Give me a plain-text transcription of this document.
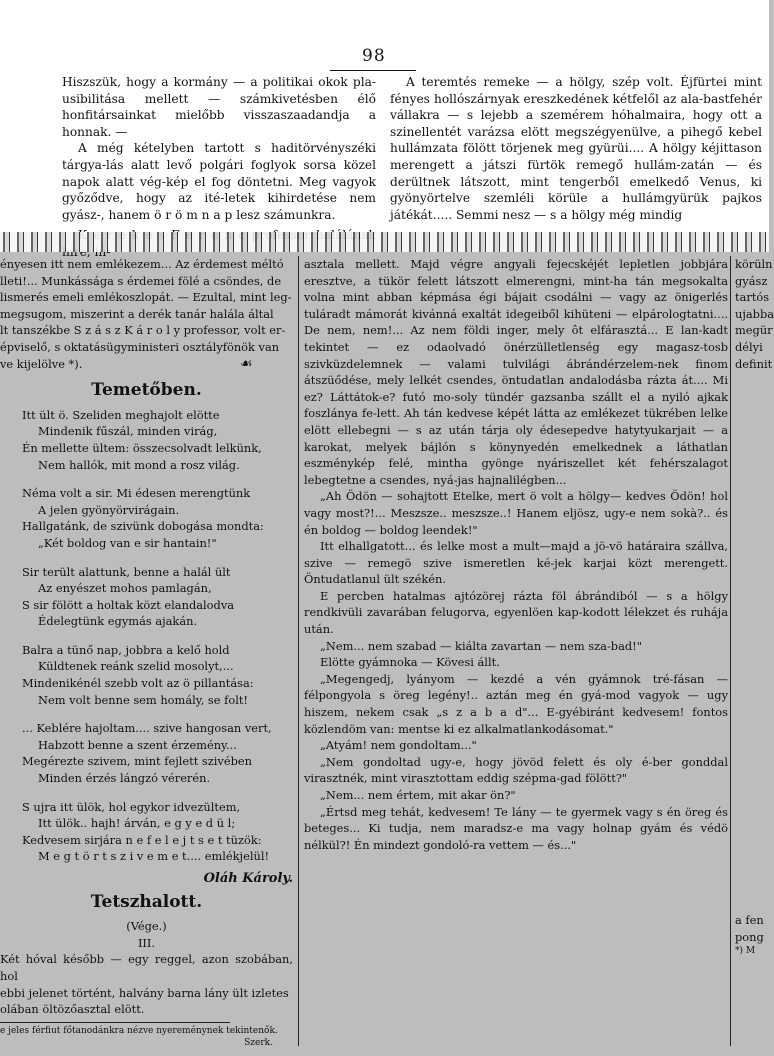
98

Hiszszük, hogy a kormány — a politikai okok pla-usibilitása mellett — számkivetésben élő honfitársainkat mielőbb visszaszaadandja a honnak. —

A még kételyben tartott s haditörvényszéki tárgya-lás alatt levő polgári foglyok sorsa közel napok alatt vég-kép el fog döntetni. Meg vagyok győződve, hogy az ité-letek kihirdetése nem gyász-, hanem ö r ö m n a p lesz számunkra.

A teremtés remeke — a hölgy, szép volt. Éjfürtei mint fényes hollószárnyak ereszkedének kétfelől az ala-bastfehér vállakra — s lejebb a szemérem hóhalmaira, hogy ott a szinellentét varázsa elött megszégyenülve, a pihegő kebel hullámzata fölött törjenek meg gyürüi.... A hölgy kéjittason merengett a játszi fürtök remegő hullám-zatán — és derültnek látszott, mint tengerből emelkedő Venus, ki gyönyörtelve szemléli körüle a hullámgyürük pajkos játékát..... Semmi nesz — s a hölgy még mindig

ényesen itt nem emlékezem... Az érdemest méltó

lleti!... Munkássága s érdemei fölé a csöndes, de

lismerés emeli emlékoszlopát. — Ezultal, mint leg-

megsugom, miszerint a derék tanár halála által

lt tanszékbe S z á s z K á r o l y professor, volt er-

épviselő, s oktatásügyministeri osztályfönök van

ve kijelölve *).

Temetőben.

Itt ült ö. Szeliden meghajolt elötte

Mindenik fűszál, minden virág,

Én mellette ültem: összecsolvadt lelkünk,

Nem hallók, mit mond a rosz világ.

Néma volt a sir. Mi édesen merengtünk

A jelen gyönyörvirágain.

Hallgatánk, de szivünk dobogása mondta:

„Két boldog van e sir hantain!"

Sir terült alattunk, benne a halál ült

Az enyészet mohos pamlagán,

S sir fölött a holtak közt elandalodva

Édelegtünk egymás ajakán.

Balra a tünő nap, jobbra a kelő hold

Küldtenek reánk szelid mosolyt,...

Mindenikénél szebb volt az ö pillantása:

Nem volt benne sem homály, se folt!

... Keblére hajoltam.... szive hangosan vert,

Habzott benne a szent érzemény...

Megérezte szivem, mint fejlett szivében

Minden érzés lángzó vérerén.

S ujra itt ülök, hol egykor idvezültem,

Itt ülök.. hajh! árván, e g y e d ü l;

Kedvesem sirjára n e f e l e j t s e t tüzök:

M e g t ö r t s z i v e m e t.... emlékjelül!

Oláh Károly.
Tetszhalott.
(Vége.)
III.

Két hóval később — egy reggel, azon szobában, hol

ebbi jelenet történt, halvány barna lány ült izletes

olában öltözőasztal elött.

e jeles férfiut főtanodánkra nézve nyereménynek tekintenők.
Szerk.
☙

asztala mellett. Majd végre angyali fejecskéjét lepletlen jobbjára eresztve, a tükör felett látszott elmerengni, mint-ha tán megsokalta volna mint abban képmása égi bájait csodálni — vagy az önigerlés tuláradt mámorát kivánná exaltát idegeiből kihüteni — elpárologtatni.... De nem, nem!... Az nem földi inger, mely ôt elfárasztá... E lan-kadt tekintet — ez odaolvadó önérzülletlenség egy magasz-tosb szivküzdelemnek — valami tulvilági ábrándérzelem-nek finom átszüődése, mely lelkét csendes, öntudatlan andalodásba rázta át.... Mi ez? Láttátok-e? futó mo-soly tündér gazsanba szállt el a nyiló ajkak foszlánya fe-lett. Ah tán kedvese képét látta az emlékezet tükrében lelke elött ellebegni — s az után tárja oly édesepedve hatytyukarjait — a karokat, melyek bájlón s könynyedén emelkednek a láthatlan eszménykép felé, mintha gyönge nyáriszellet két fehérszalagot lebegtetne a csendes, nyá-jas hajnalilégben...

„Ah Ödön — sohajtott Etelke, mert ö volt a hölgy— kedves Ödön! hol vagy most?!... Meszsze.. meszsze..! Hanem eljösz, ugy-e nem sokà?.. és én boldog — boldog leendek!"

Itt elhallgatott... és lelke most a mult—majd a jö-vö határaira szállva, szive — remegö szive ismeretlen ké-jek karjai közt merengett. Öntudatlanul ült székén.

E percben hatalmas ajtózörej rázta föl ábrándiból — s a hölgy rendkivüli zavarában felugorva, egyenlöen kap-kodott lélekzet és ruhája után.

„Nem... nem szabad — kiálta zavartan — nem sza-bad!"

Elötte gyámnoka — Kövesi állt.

„Megengedj, lyányom — kezdé a vén gyámnok tré-fásan — félpongyola s öreg legény!.. aztán meg én gyá-mod vagyok — ugy hiszem, nekem csak „s z a b a d"... E-gyébiránt kedvesem! fontos közlendöm van: mentse ki ez alkalmatlankodásomat."

„Atyám! nem gondoltam..."

„Nem gondoltad ugy-e, hogy jövöd felett és oly é-ber gonddal virasztnék, mint virasztottam eddig szépma-gad fölött?"

„Nem... nem értem, mit akar ön?"

„Értsd meg tehát, kedvesem! Te lány — te gyermek vagy s én öreg és beteges... Ki tudja, nem maradsz-e ma vagy holnap gyám és védö nélkül?! Én mindezt gondoló-ra vettem — és..."

körüln
gyász
tartós
ujabba
megür
délyi
definit
a fen
pong
*) M
